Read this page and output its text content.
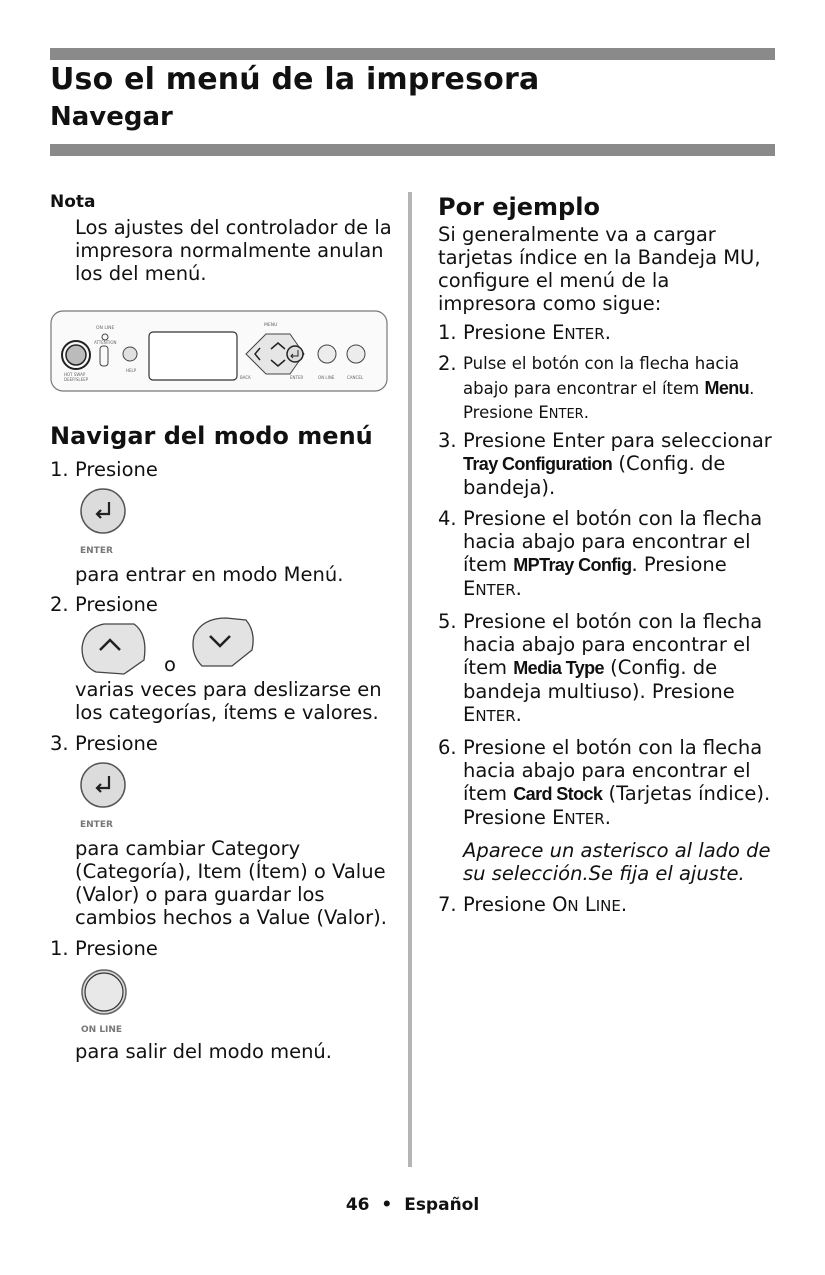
Uso el menú de la impresora
Navegar
Nota
Los ajustes del controlador de la impresora normalmente anulan los del menú.
ON LINE
ATTENTION
HOT SWAP
DEEP/SLEEP
HELP
MENU
BACK	ENTER	ON LINE	CANCEL
Navigar del modo menú
1. Presione
ENTER
para entrar en modo Menú.
2. Presione
o
varias veces para deslizarse en los categorías, ítems e valores.
3. Presione
ENTER
para cambiar Category (Categoría), Item (Ítem) o Value (Valor) o para guardar los cambios hechos a Value (Valor).
1. Presione
ON LINE
para salir del modo menú.
Por ejemplo
Si generalmente va a cargar tarjetas índice en la Bandeja MU, configure el menú de la impresora como sigue:
1. Presione ENTER.
2. Pulse el botón con la flecha hacia abajo para encontrar el ítem Menu. Presione ENTER.
3. Presione Enter para seleccionar Tray Configuration (Config. de bandeja).
4. Presione el botón con la flecha hacia abajo para encontrar el ítem MPTray Config. Presione ENTER.
5. Presione el botón con la flecha hacia abajo para encontrar el ítem Media Type (Config. de bandeja multiuso). Presione ENTER.
6. Presione el botón con la flecha hacia abajo para encontrar el ítem Card Stock (Tarjetas índice). Presione ENTER.
Aparece un asterisco al lado de su selección.Se fija el ajuste.
7. Presione ON LINE.
46 • Español
